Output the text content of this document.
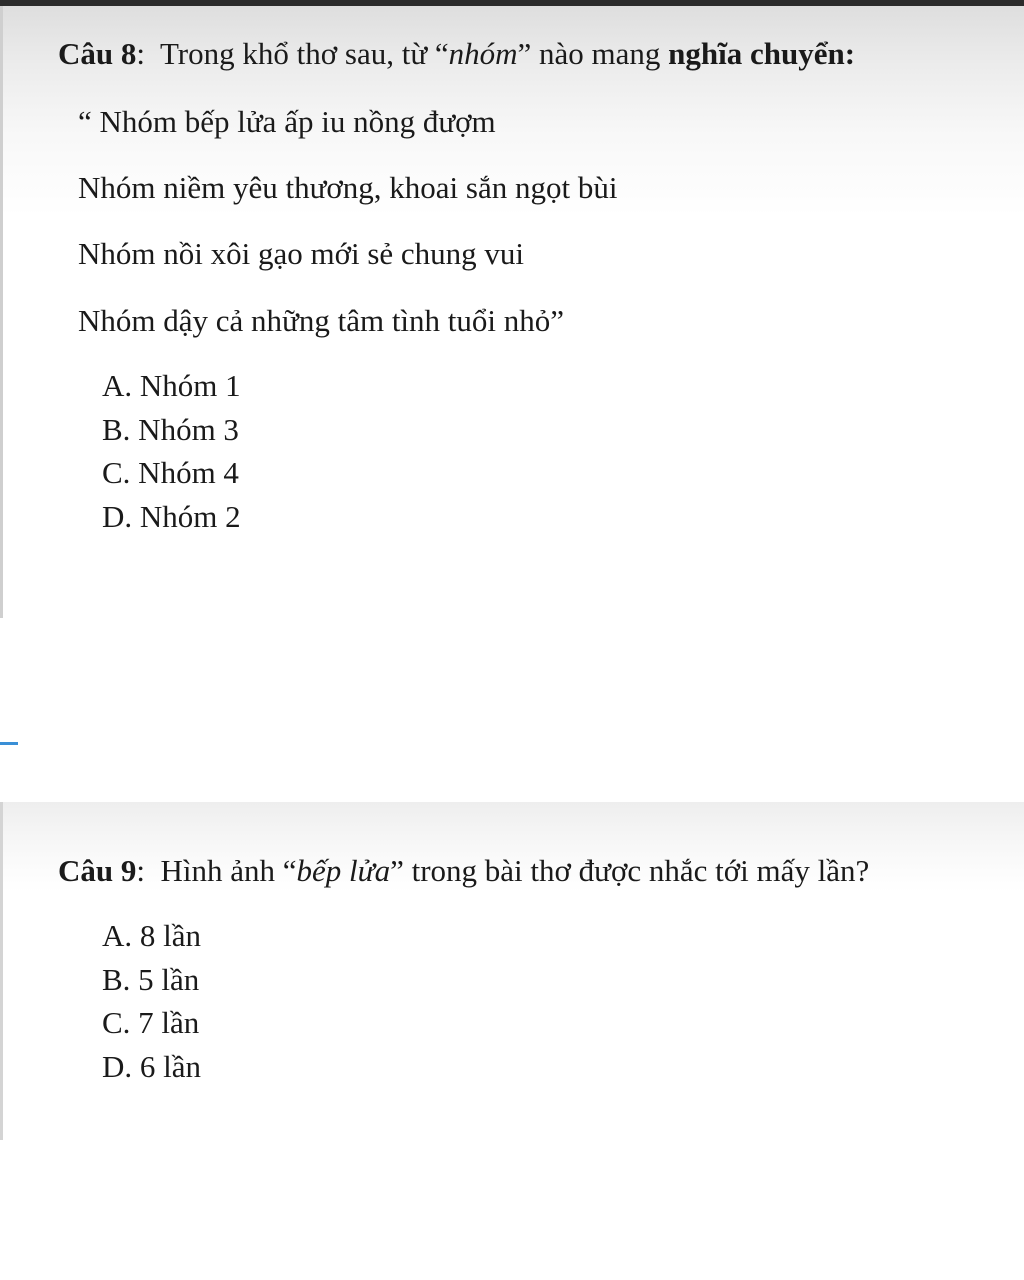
Câu 8:  Trong khổ thơ sau, từ “nhóm” nào mang nghĩa chuyển:
“ Nhóm bếp lửa ấp iu nồng đượm
Nhóm niềm yêu thương, khoai sắn ngọt bùi
Nhóm nồi xôi gạo mới sẻ chung vui
Nhóm dậy cả những tâm tình tuổi nhỏ”
A. Nhóm 1
B. Nhóm 3
C. Nhóm 4
D. Nhóm 2
Câu 9:  Hình ảnh “bếp lửa” trong bài thơ được nhắc tới mấy lần?
A. 8 lần
B. 5 lần
C. 7 lần
D. 6 lần
